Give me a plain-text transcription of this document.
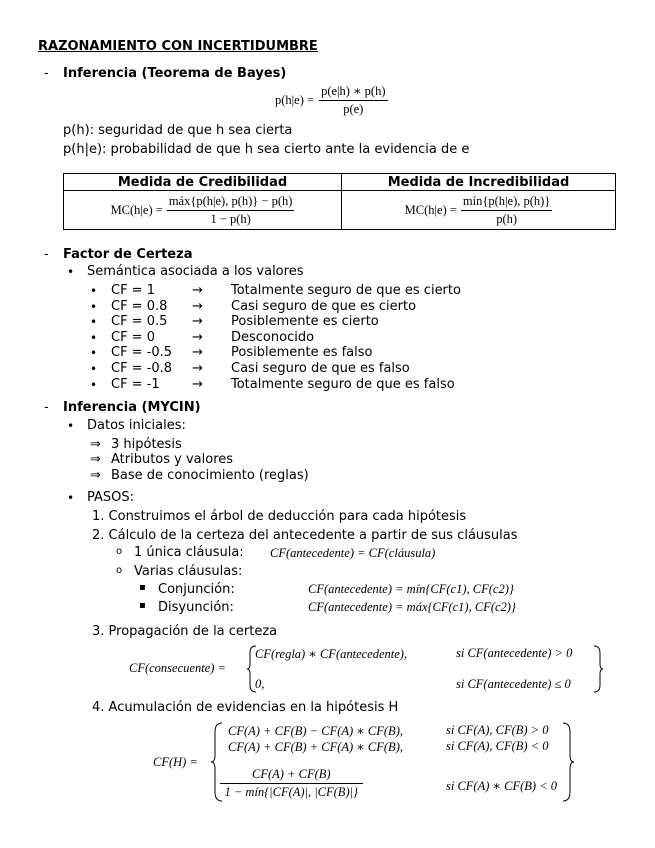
RAZONAMIENTO CON INCERTIDUMBRE
- Inferencia (Teorema de Bayes)
$p(h|e) = \frac{p(e|h) ∗ p(h)}{p(e)}$
p(h): seguridad de que h sea cierta
p(h|e): probabilidad de que h sea cierto ante la evidencia de e
Medida de Credibilidad	Medida de Incredibilidad

$MC(h|e) = \frac{\text{máx\{p(h|e), p(h)\} − p(h)}}{1 - p(h)}$	$MC(h|e) = \frac{\text{mín\{p(h|e), p(h)\}}}{p(h)}$
- Factor de Certeza
• Semántica asociada a los valores
• CF = 1	→ Totalmente seguro de que es cierto
• CF = 0.8 → Casi seguro de que es cierto
• CF = 0.5 → Posiblemente es cierto
• CF = 0	→ Desconocido
• CF = -0.5 → Posiblemente es falso
• CF = -0.8 → Casi seguro de que es falso
• CF = -1 → Totalmente seguro de que es falso
- Inferencia (MYCIN)
• Datos iniciales:
⇒ 3 hipótesis
⇒ Atributos y valores
⇒ Base de conocimiento (reglas)
• PASOS:
1. Construimos el árbol de deducción para cada hipótesis
2. Cálculo de la certeza del antecedente a partir de sus cláusulas
o 1 única cláusula: CF(antecedente) = CF(cláusula)
o Varias cláusulas:
▪ Conjunción:	CF(antecedente) = mín{CF(c1), CF(c2)}
▪ Disyunción:	CF(antecedente) = máx{CF(c1), CF(c2)}
3. Propagación de la certeza
CF(consecuente) =
CF(regla) ∗ CF(antecedente),	si CF(antecedente) > 0
0,	si CF(antecedente) ≤ 0
4. Acumulación de evidencias en la hipótesis H
CF(H) =
CF(A) + CF(B) − CF(A) ∗ CF(B),	si CF(A), CF(B) > 0
CF(A) + CF(B) + CF(A) ∗ CF(B),	si CF(A), CF(B) < 0
$\frac{CF(A) + CF(B)}{\text{1 − mín\{|CF(A)|, |CF(B)|\}}}$	si CF(A) ∗ CF(B) < 0
